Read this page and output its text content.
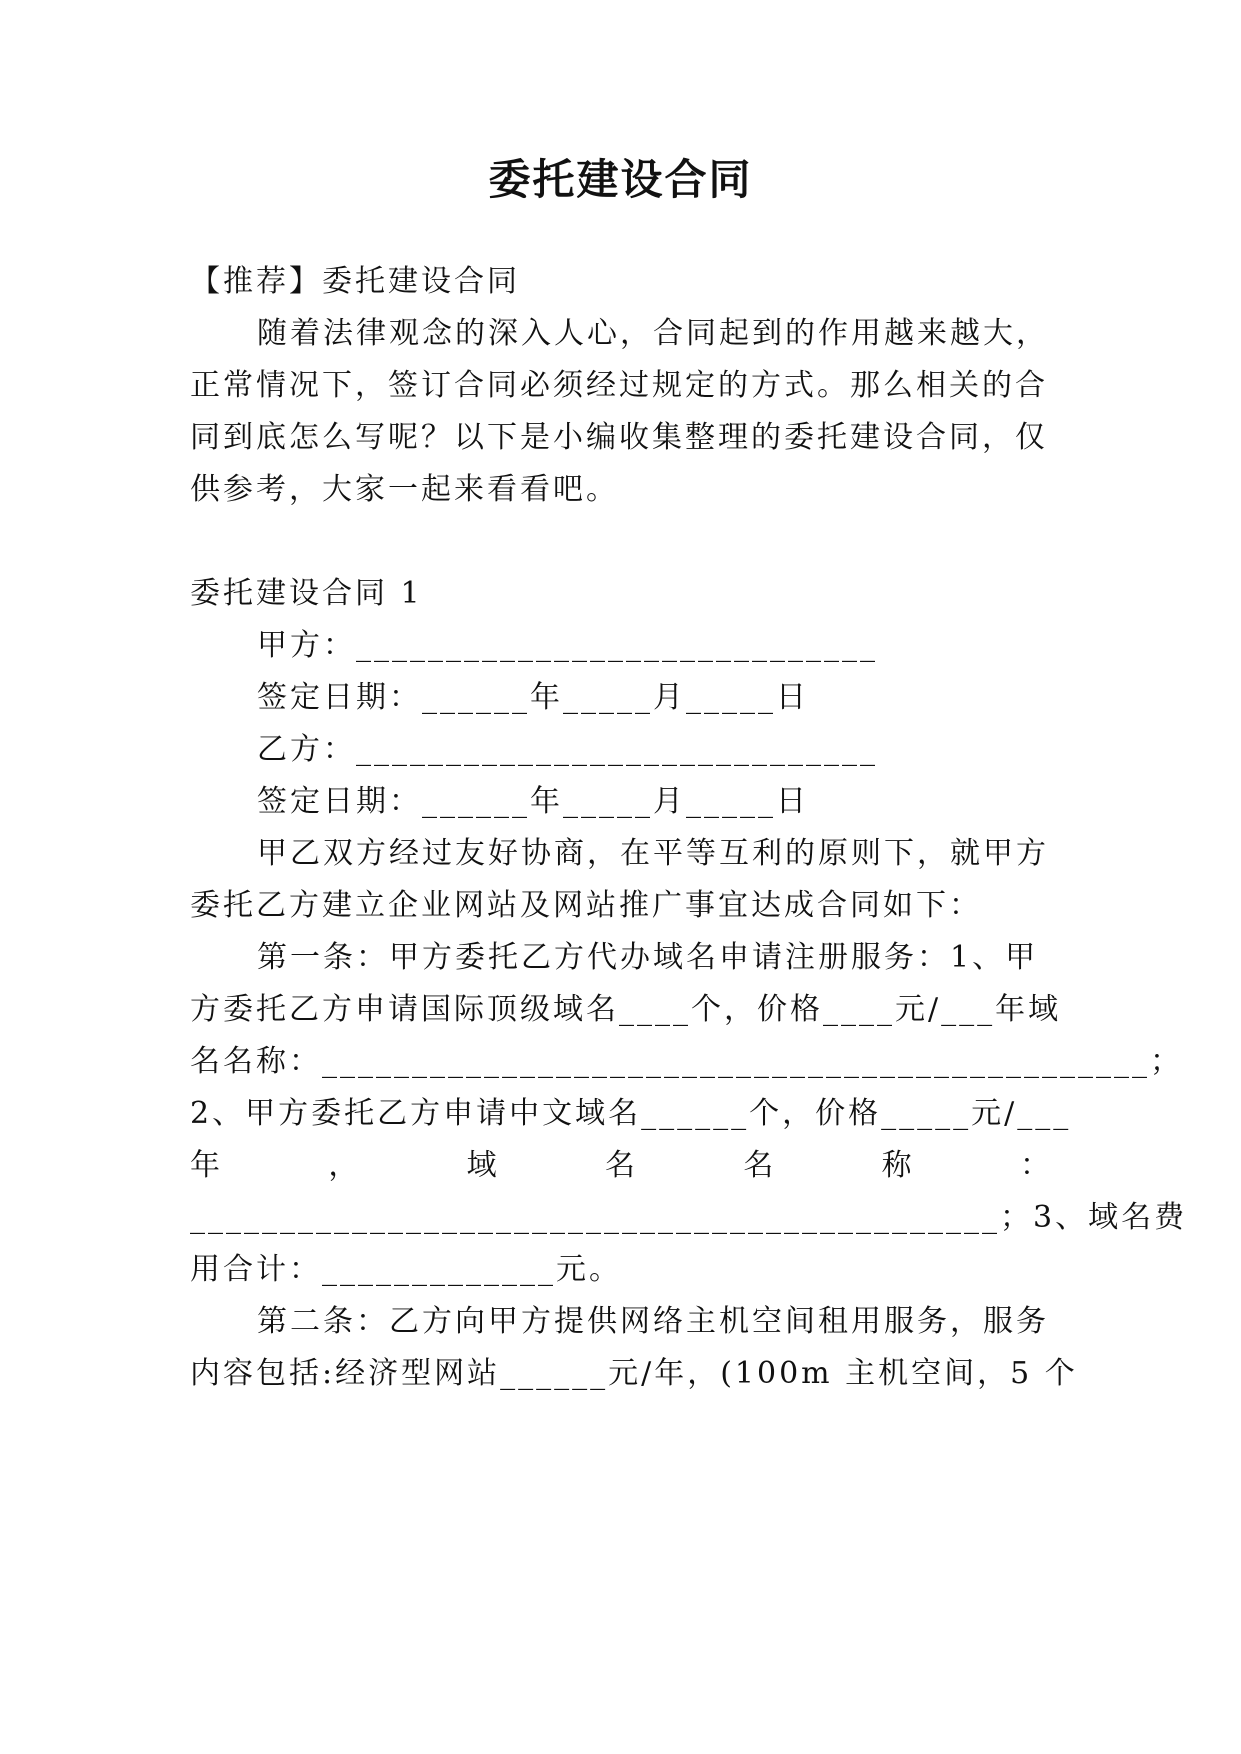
委托建设合同
【推荐】委托建设合同
随着法律观念的深入人心，合同起到的作用越来越大，
正常情况下，签订合同必须经过规定的方式。那么相关的合
同到底怎么写呢？以下是小编收集整理的委托建设合同，仅
供参考，大家一起来看看吧。
委托建设合同 1
甲方：_____________________________
签定日期：______年_____月_____日
乙方：_____________________________
签定日期：______年_____月_____日
甲乙双方经过友好协商，在平等互利的原则下，就甲方
委托乙方建立企业网站及网站推广事宜达成合同如下：
第一条：甲方委托乙方代办域名申请注册服务：1、甲
方委托乙方申请国际顶级域名____个，价格____元/___年域
名名称：______________________________________________；
2、甲方委托乙方申请中文域名______个，价格_____元/___
年	，	域	名	名	称	：
_____________________________________________；3、域名费
用合计：_____________元。
第二条：乙方向甲方提供网络主机空间租用服务，服务
内容包括:经济型网站______元/年，(100m 主机空间，5 个
